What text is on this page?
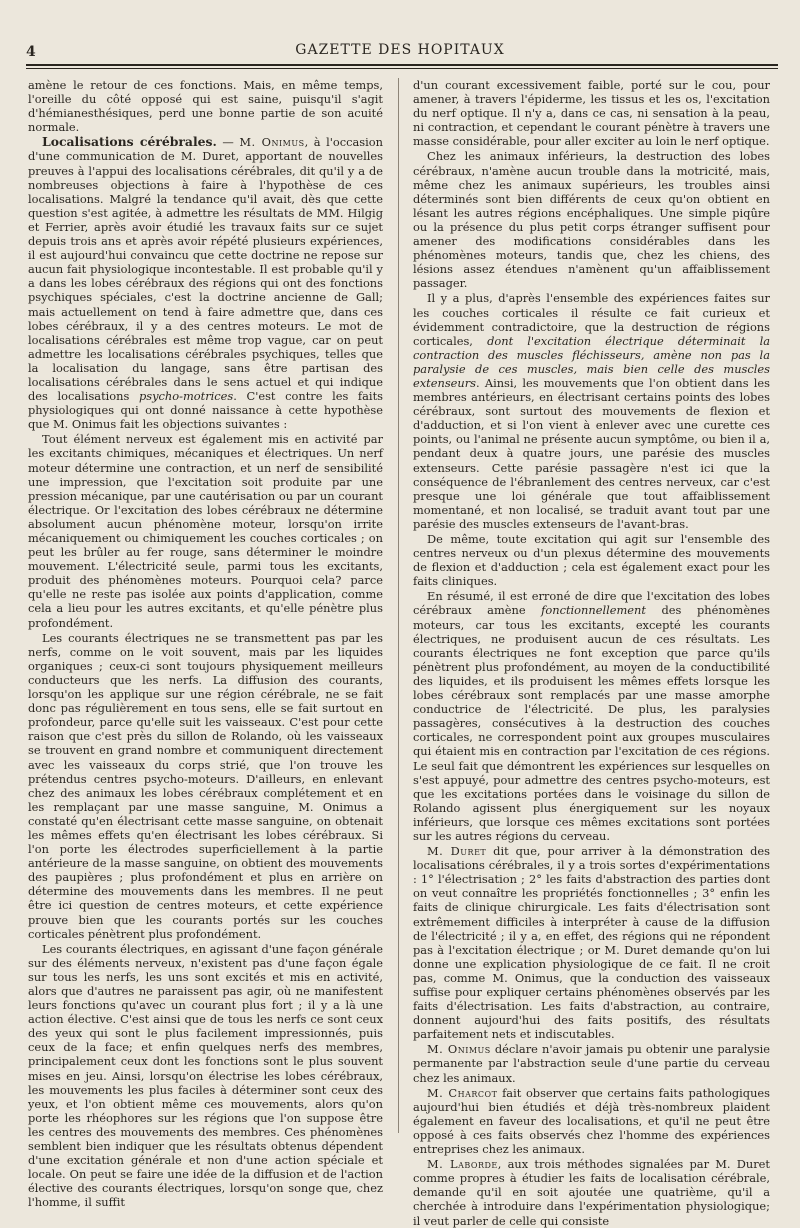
4	GAZETTE DES HOPITAUX

amène le retour de ces fonctions. Mais, en même temps, l'oreille du côté opposé qui est saine, puisqu'il s'agit d'hémianesthésiques, perd une bonne partie de son acuité normale.

Localisations cérébrales. — M. Onimus, à l'occasion d'une communication de M. Duret, apportant de nouvelles preuves à l'appui des localisations cérébrales, dit qu'il y a de nombreuses objections à faire à l'hypothèse de ces localisations. Malgré la tendance qu'il avait, dès que cette question s'est agitée, à admettre les résultats de MM. Hilgig et Ferrier, après avoir étudié les travaux faits sur ce sujet depuis trois ans et après avoir répété plusieurs expériences, il est aujourd'hui convaincu que cette doctrine ne repose sur aucun fait physiologique incontestable. Il est probable qu'il y a dans les lobes cérébraux des régions qui ont des fonctions psychiques spéciales, c'est la doctrine ancienne de Gall; mais actuellement on tend à faire admettre que, dans ces lobes cérébraux, il y a des centres moteurs. Le mot de localisations cérébrales est même trop vague, car on peut admettre les localisations cérébrales psychiques, telles que la localisation du langage, sans être partisan des localisations cérébrales dans le sens actuel et qui indique des localisations psycho-motrices. C'est contre les faits physiologiques qui ont donné naissance à cette hypothèse que M. Onimus fait les objections suivantes :

Tout élément nerveux est également mis en activité par les excitants chimiques, mécaniques et électriques. Un nerf moteur détermine une contraction, et un nerf de sensibilité une impression, que l'excitation soit produite par une pression mécanique, par une cautérisation ou par un courant électrique. Or l'excitation des lobes cérébraux ne détermine absolument aucun phénomène moteur, lorsqu'on irrite mécaniquement ou chimiquement les couches corticales ; on peut les brûler au fer rouge, sans déterminer le moindre mouvement. L'électricité seule, parmi tous les excitants, produit des phénomènes moteurs. Pourquoi cela? parce qu'elle ne reste pas isolée aux points d'application, comme cela a lieu pour les autres excitants, et qu'elle pénètre plus profondément.

Les courants électriques ne se transmettent pas par les nerfs, comme on le voit souvent, mais par les liquides organiques ; ceux-ci sont toujours physiquement meilleurs conducteurs que les nerfs. La diffusion des courants, lorsqu'on les applique sur une région cérébrale, ne se fait donc pas régulièrement en tous sens, elle se fait surtout en profondeur, parce qu'elle suit les vaisseaux. C'est pour cette raison que c'est près du sillon de Rolando, où les vaisseaux se trouvent en grand nombre et communiquent directement avec les vaisseaux du corps strié, que l'on trouve les prétendus centres psycho-moteurs. D'ailleurs, en enlevant chez des animaux les lobes cérébraux complétement et en les remplaçant par une masse sanguine, M. Onimus a constaté qu'en électrisant cette masse sanguine, on obtenait les mêmes effets qu'en électrisant les lobes cérébraux. Si l'on porte les électrodes superficiellement à la partie antérieure de la masse sanguine, on obtient des mouvements des paupières ; plus profondément et plus en arrière on détermine des mouvements dans les membres. Il ne peut être ici question de centres moteurs, et cette expérience prouve bien que les courants portés sur les couches corticales pénètrent plus profondément.

Les courants électriques, en agissant d'une façon générale sur des éléments nerveux, n'existent pas d'une façon égale sur tous les nerfs, les uns sont excités et mis en activité, alors que d'autres ne paraissent pas agir, où ne manifestent leurs fonctions qu'avec un courant plus fort ; il y a là une action élective. C'est ainsi que de tous les nerfs ce sont ceux des yeux qui sont le plus facilement impressionnés, puis ceux de la face; et enfin quelques nerfs des membres, principalement ceux dont les fonctions sont le plus souvent mises en jeu. Ainsi, lorsqu'on électrise les lobes cérébraux, les mouvements les plus faciles à déterminer sont ceux des yeux, et l'on obtient même ces mouvements, alors qu'on porte les rhéophores sur les régions que l'on suppose être les centres des mouvements des membres. Ces phénomènes semblent bien indiquer que les résultats obtenus dépendent d'une excitation générale et non d'une action spéciale et locale. On peut se faire une idée de la diffusion et de l'action élective des courants électriques, lorsqu'on songe que, chez l'homme, il suffit

d'un courant excessivement faible, porté sur le cou, pour amener, à travers l'épiderme, les tissus et les os, l'excitation du nerf optique. Il n'y a, dans ce cas, ni sensation à la peau, ni contraction, et cependant le courant pénètre à travers une masse considérable, pour aller exciter au loin le nerf optique.

Chez les animaux inférieurs, la destruction des lobes cérébraux, n'amène aucun trouble dans la motricité, mais, même chez les animaux supérieurs, les troubles ainsi déterminés sont bien différents de ceux qu'on obtient en lésant les autres régions encéphaliques. Une simple piqûre ou la présence du plus petit corps étranger suffisent pour amener des modifications considérables dans les phénomènes moteurs, tandis que, chez les chiens, des lésions assez étendues n'amènent qu'un affaiblissement passager.

Il y a plus, d'après l'ensemble des expériences faites sur les couches corticales il résulte ce fait curieux et évidemment contradictoire, que la destruction de régions corticales, dont l'excitation électrique déterminait la contraction des muscles fléchisseurs, amène non pas la paralysie de ces muscles, mais bien celle des muscles extenseurs. Ainsi, les mouvements que l'on obtient dans les membres antérieurs, en électrisant certains points des lobes cérébraux, sont surtout des mouvements de flexion et d'adduction, et si l'on vient à enlever avec une curette ces points, ou l'animal ne présente aucun symptôme, ou bien il a, pendant deux à quatre jours, une parésie des muscles extenseurs. Cette parésie passagère n'est ici que la conséquence de l'ébranlement des centres nerveux, car c'est presque une loi générale que tout affaiblissement momentané, et non localisé, se traduit avant tout par une parésie des muscles extenseurs de l'avant-bras.

De même, toute excitation qui agit sur l'ensemble des centres nerveux ou d'un plexus détermine des mouvements de flexion et d'adduction ; cela est également exact pour les faits cliniques.

En résumé, il est erroné de dire que l'excitation des lobes cérébraux amène fonctionnellement des phénomènes moteurs, car tous les excitants, excepté les courants électriques, ne produisent aucun de ces résultats. Les courants électriques ne font exception que parce qu'ils pénètrent plus profondément, au moyen de la conductibilité des liquides, et ils produisent les mêmes effets lorsque les lobes cérébraux sont remplacés par une masse amorphe conductrice de l'électricité. De plus, les paralysies passagères, consécutives à la destruction des couches corticales, ne correspondent point aux groupes musculaires qui étaient mis en contraction par l'excitation de ces régions. Le seul fait que démontrent les expériences sur lesquelles on s'est appuyé, pour admettre des centres psycho-moteurs, est que les excitations portées dans le voisinage du sillon de Rolando agissent plus énergiquement sur les noyaux inférieurs, que lorsque ces mêmes excitations sont portées sur les autres régions du cerveau.

M. Duret dit que, pour arriver à la démonstration des localisations cérébrales, il y a trois sortes d'expérimentations : 1° l'électrisation ; 2° les faits d'abstraction des parties dont on veut connaître les propriétés fonctionnelles ; 3° enfin les faits de clinique chirurgicale. Les faits d'électrisation sont extrêmement difficiles à interpréter à cause de la diffusion de l'électricité ; il y a, en effet, des régions qui ne répondent pas à l'excitation électrique ; or M. Duret demande qu'on lui donne une explication physiologique de ce fait. Il ne croit pas, comme M. Onimus, que la conduction des vaisseaux suffise pour expliquer certains phénomènes observés par les faits d'électrisation. Les faits d'abstraction, au contraire, donnent aujourd'hui des faits positifs, des résultats parfaitement nets et indiscutables.

M. Onimus déclare n'avoir jamais pu obtenir une paralysie permanente par l'abstraction seule d'une partie du cerveau chez les animaux.

M. Charcot fait observer que certains faits pathologiques aujourd'hui bien étudiés et déjà très-nombreux plaident également en faveur des localisations, et qu'il ne peut être opposé à ces faits observés chez l'homme des expériences entreprises chez les animaux.

M. Laborde, aux trois méthodes signalées par M. Duret comme propres à étudier les faits de localisation cérébrale, demande qu'il en soit ajoutée une quatrième, qu'il a cherchée à introduire dans l'expérimentation physiologique; il veut parler de celle qui consiste
